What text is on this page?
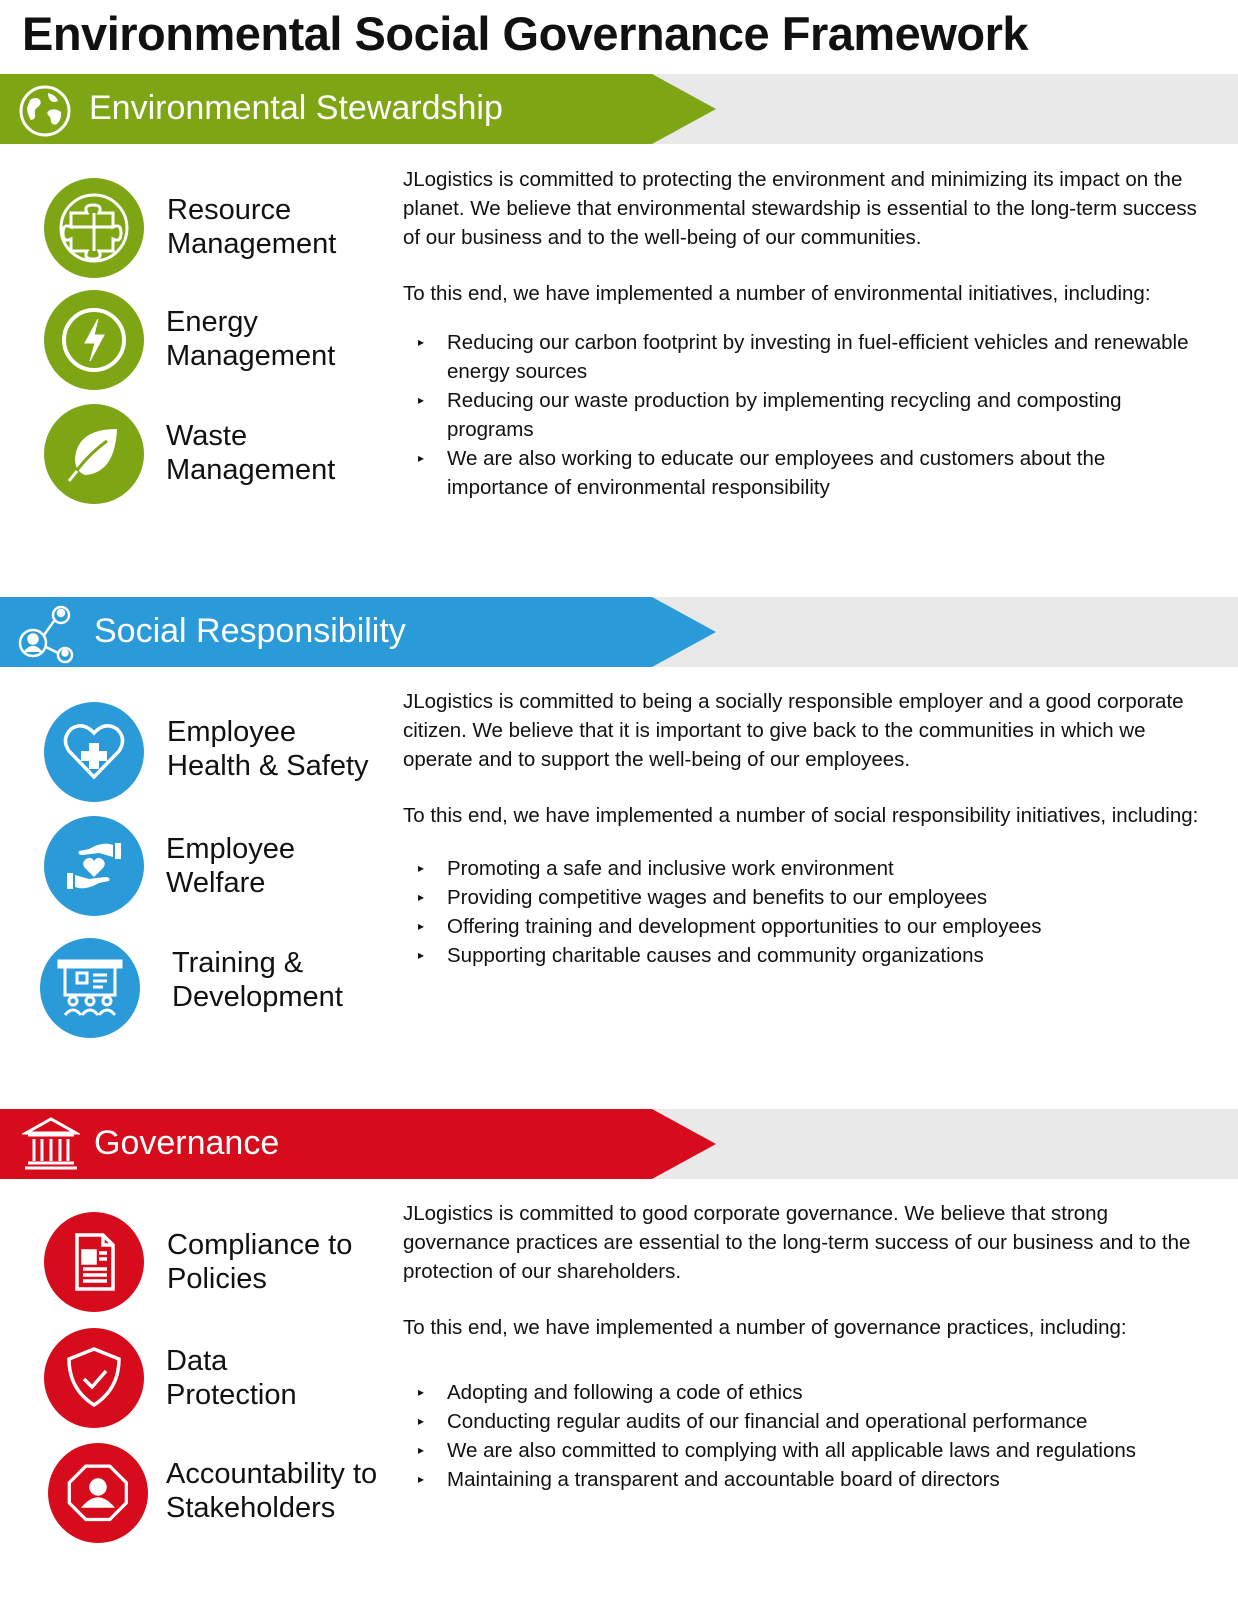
Environmental Social Governance Framework
Environmental Stewardship
Resource
Management
Energy
Management
Waste
Management

JLogistics is committed to protecting the environment and minimizing its impact on the planet. We believe that environmental stewardship is essential to the long-term success of our business and to the well-being of our communities.

To this end, we have implemented a number of environmental initiatives, including:

▸ Reducing our carbon footprint by investing in fuel-efficient vehicles and renewable energy sources
▸ Reducing our waste production by implementing recycling and composting programs
▸ We are also working to educate our employees and customers about the importance of environmental responsibility
Social Responsibility
Employee
Health & Safety
Employee
Welfare
Training &
Development

JLogistics is committed to being a socially responsible employer and a good corporate citizen. We believe that it is important to give back to the communities in which we operate and to support the well-being of our employees.

To this end, we have implemented a number of social responsibility initiatives, including:

▸ Promoting a safe and inclusive work environment
▸ Providing competitive wages and benefits to our employees
▸ Offering training and development opportunities to our employees
▸ Supporting charitable causes and community organizations
Governance
Compliance to
Policies
Data
Protection
Accountability to
Stakeholders

JLogistics is committed to good corporate governance. We believe that strong governance practices are essential to the long-term success of our business and to the protection of our shareholders.

To this end, we have implemented a number of governance practices, including:

▸ Adopting and following a code of ethics
▸ Conducting regular audits of our financial and operational performance
▸ We are also committed to complying with all applicable laws and regulations
▸ Maintaining a transparent and accountable board of directors
